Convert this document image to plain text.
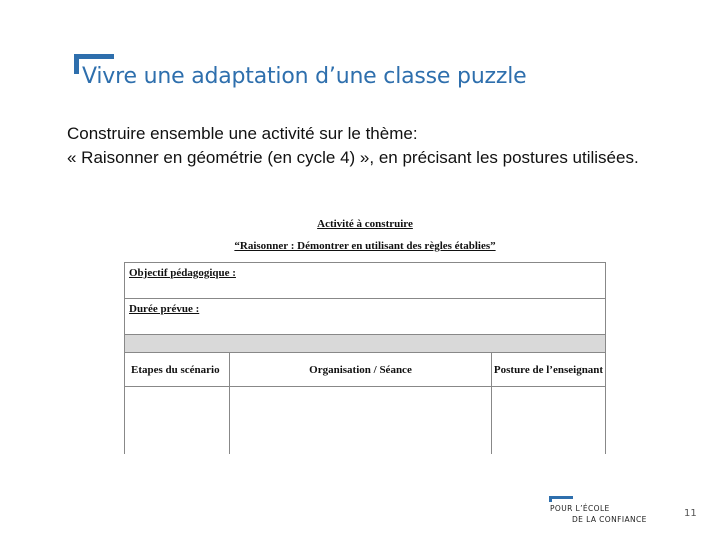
Vivre une adaptation d’une classe puzzle

Construire ensemble une activité sur le thème:

« Raisonner en géométrie (en cycle 4) », en précisant les postures utilisées.

Activité à construire
“Raisonner : Démontrer en utilisant des règles établies”
Objectif pédagogique :
Durée prévue :
Etapes du scénario	Organisation / Séance	Posture de l’enseignant
POUR L’ÉCOLE
DE LA CONFIANCE
11
